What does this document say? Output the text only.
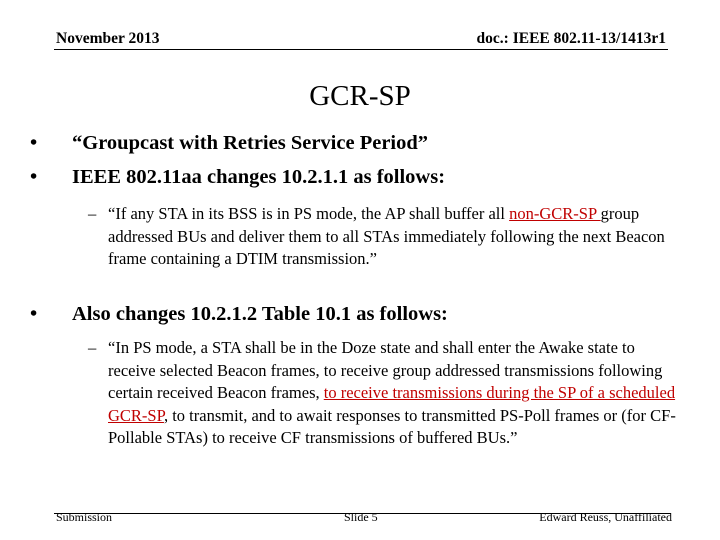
November 2013	doc.: IEEE 802.11-13/1413r1
GCR-SP
• “Groupcast with Retries Service Period”
• IEEE 802.11aa changes 10.2.1.1 as follows:
– “If any STA in its BSS is in PS mode, the AP shall buffer all non-GCR-SP group addressed BUs and deliver them to all STAs immediately following the next Beacon frame containing a DTIM transmission.”
• Also changes 10.2.1.2 Table 10.1 as follows:
– “In PS mode, a STA shall be in the Doze state and shall enter the Awake state to receive selected Beacon frames, to receive group addressed transmissions following certain received Beacon frames, to receive transmissions during the SP of a scheduled GCR-SP, to transmit, and to await responses to transmitted PS-Poll frames or (for CF-Pollable STAs) to receive CF transmissions of buffered BUs.”
Submission	Slide 5	Edward Reuss, Unaffiliated
